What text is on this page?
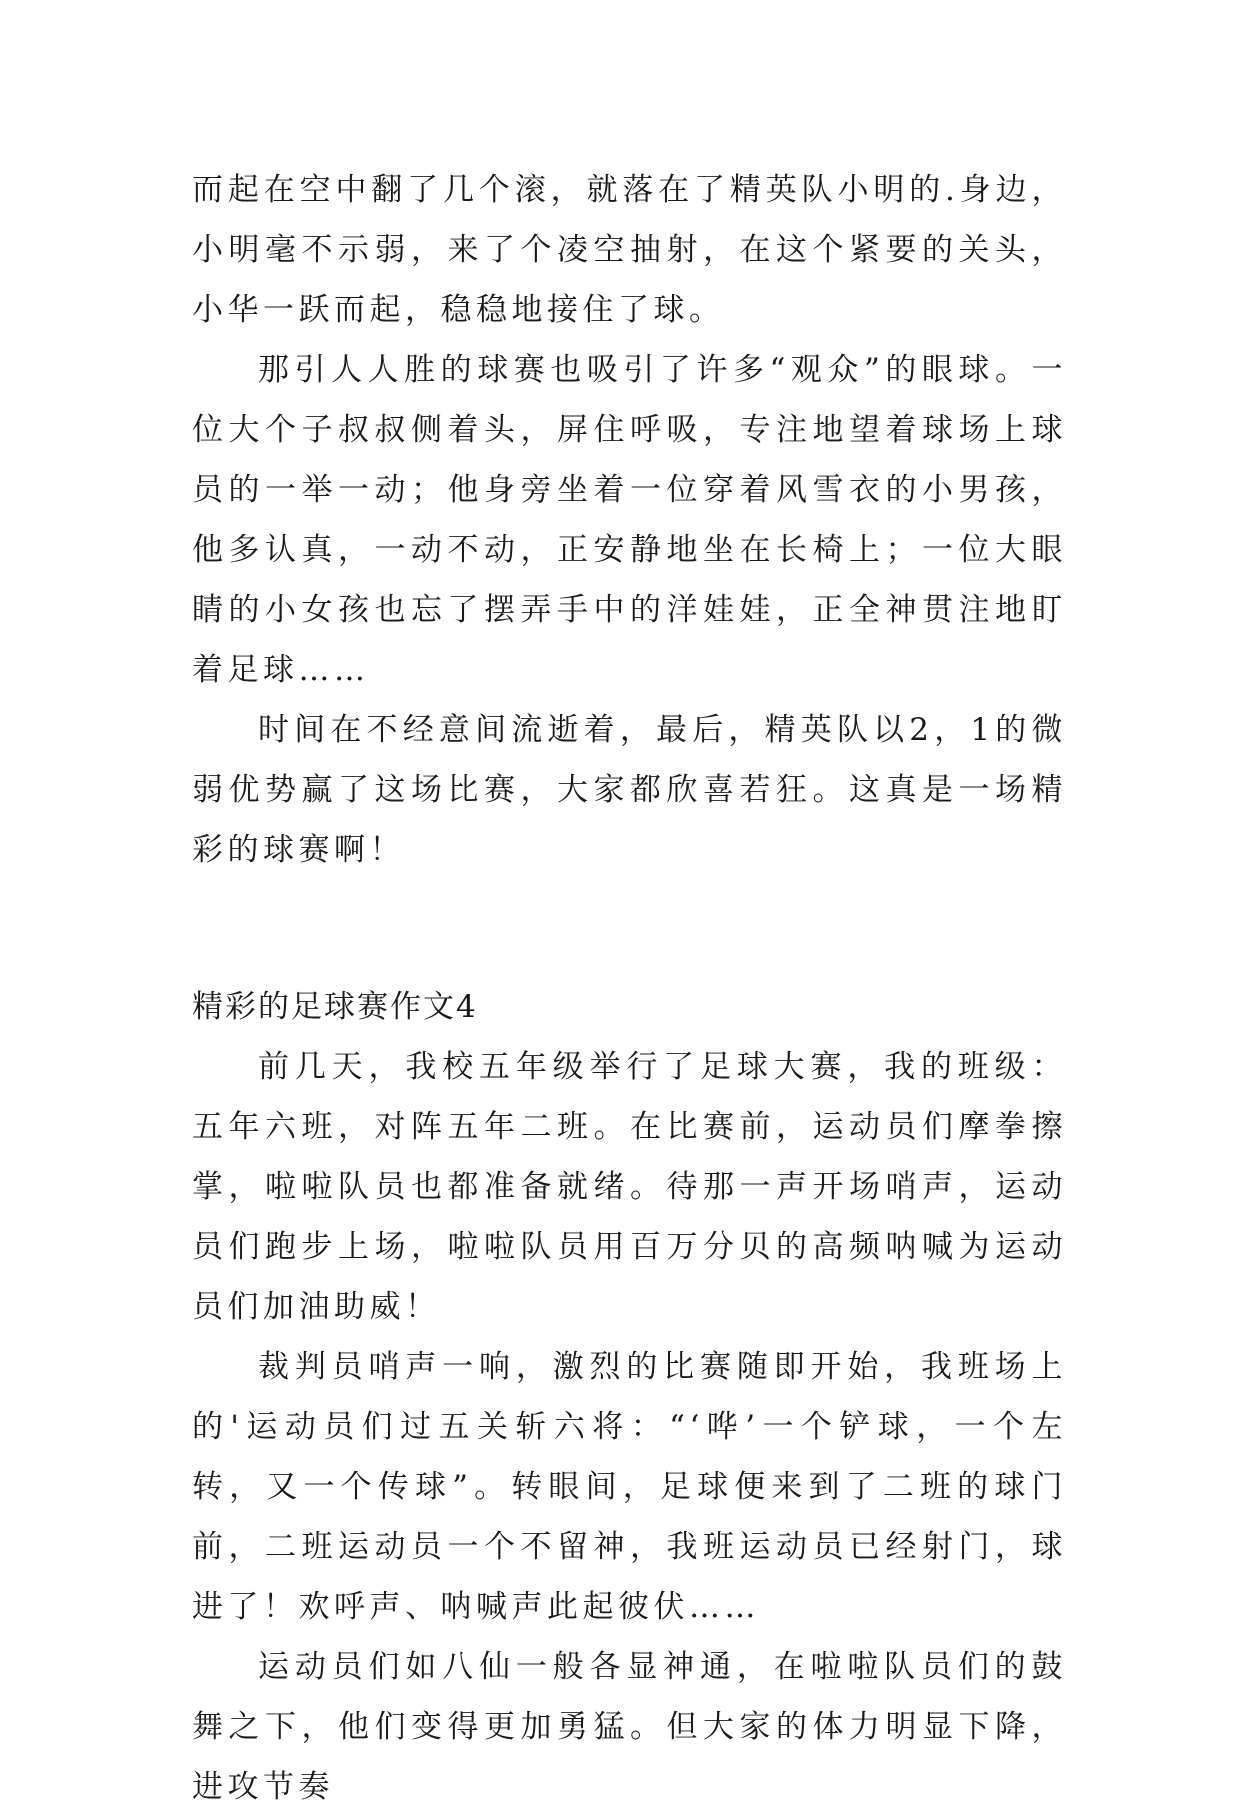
而起在空中翻了几个滚，就落在了精英队小明的.身边，小明毫不示弱，来了个凌空抽射，在这个紧要的关头，小华一跃而起，稳稳地接住了球。

那引人人胜的球赛也吸引了许多“观众”的眼球。一位大个子叔叔侧着头，屏住呼吸，专注地望着球场上球员的一举一动；他身旁坐着一位穿着风雪衣的小男孩，他多认真，一动不动，正安静地坐在长椅上；一位大眼睛的小女孩也忘了摆弄手中的洋娃娃，正全神贯注地盯着足球……

时间在不经意间流逝着，最后，精英队以2，1的微弱优势赢了这场比赛，大家都欣喜若狂。这真是一场精彩的球赛啊！

精彩的足球赛作文4

前几天，我校五年级举行了足球大赛，我的班级：五年六班，对阵五年二班。在比赛前，运动员们摩拳擦掌，啦啦队员也都准备就绪。待那一声开场哨声，运动员们跑步上场，啦啦队员用百万分贝的高频呐喊为运动员们加油助威！

裁判员哨声一响，激烈的比赛随即开始，我班场上的'运动员们过五关斩六将：“‘哗’一个铲球，一个左转，又一个传球”。转眼间，足球便来到了二班的球门前，二班运动员一个不留神，我班运动员已经射门，球进了！欢呼声、呐喊声此起彼伏……

运动员们如八仙一般各显神通，在啦啦队员们的鼓舞之下，他们变得更加勇猛。但大家的体力明显下降，进攻节奏
